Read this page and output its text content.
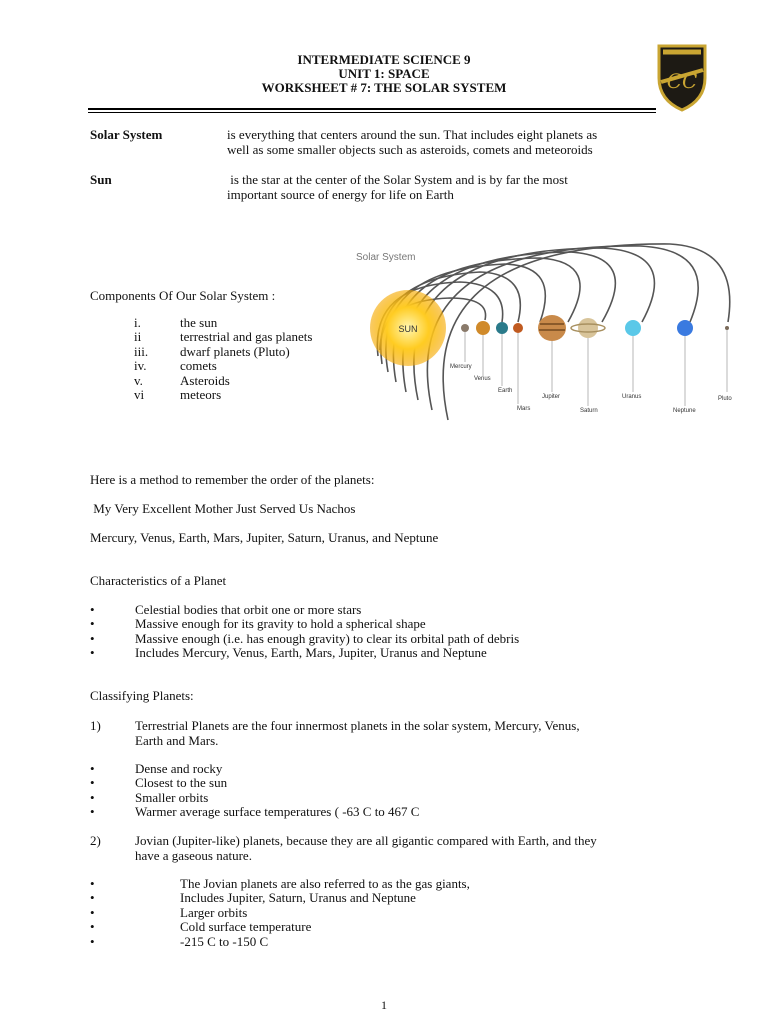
INTERMEDIATE SCIENCE 9
UNIT 1: SPACE
WORKSHEET # 7: THE SOLAR SYSTEM	CC
Solar System	is everything that centers around the sun. That includes eight planets as
well as some smaller objects such as asteroids, comets and meteoroids
Sun	is the star at the center of the Solar System and is by far the most
important source of energy for life on Earth
Components Of Our Solar System :
i.	the sun
ii	terrestrial and gas planets
iii. dwarf planets (Pluto)
iv.	comets
v.	Asteroids
vi	meteors
Solar System
SUN
Mercury
Venus
Earth
Mars
Jupiter
Saturn
Uranus
Neptune
Pluto
Here is a method to remember the order of the planets:
My Very Excellent Mother Just Served Us Nachos
Mercury, Venus, Earth, Mars, Jupiter, Saturn, Uranus, and Neptune
Characteristics of a Planet
•	Celestial bodies that orbit one or more stars
•	Massive enough for its gravity to hold a spherical shape
•	Massive enough (i.e. has enough gravity) to clear its orbital path of debris
•	Includes Mercury, Venus, Earth, Mars, Jupiter, Uranus and Neptune
Classifying Planets:
1)	Terrestrial Planets are the four innermost planets in the solar system, Mercury, Venus,
Earth and Mars.
•	Dense and rocky
•	Closest to the sun
•	Smaller orbits
•	Warmer average surface temperatures ( -63 C to 467 C
2)	Jovian (Jupiter-like) planets, because they are all gigantic compared with Earth, and they
have a gaseous nature.
•	The Jovian planets are also referred to as the gas giants,
•	Includes Jupiter, Saturn, Uranus and Neptune
•	Larger orbits
•	Cold surface temperature
•	-215 C to -150 C
1
